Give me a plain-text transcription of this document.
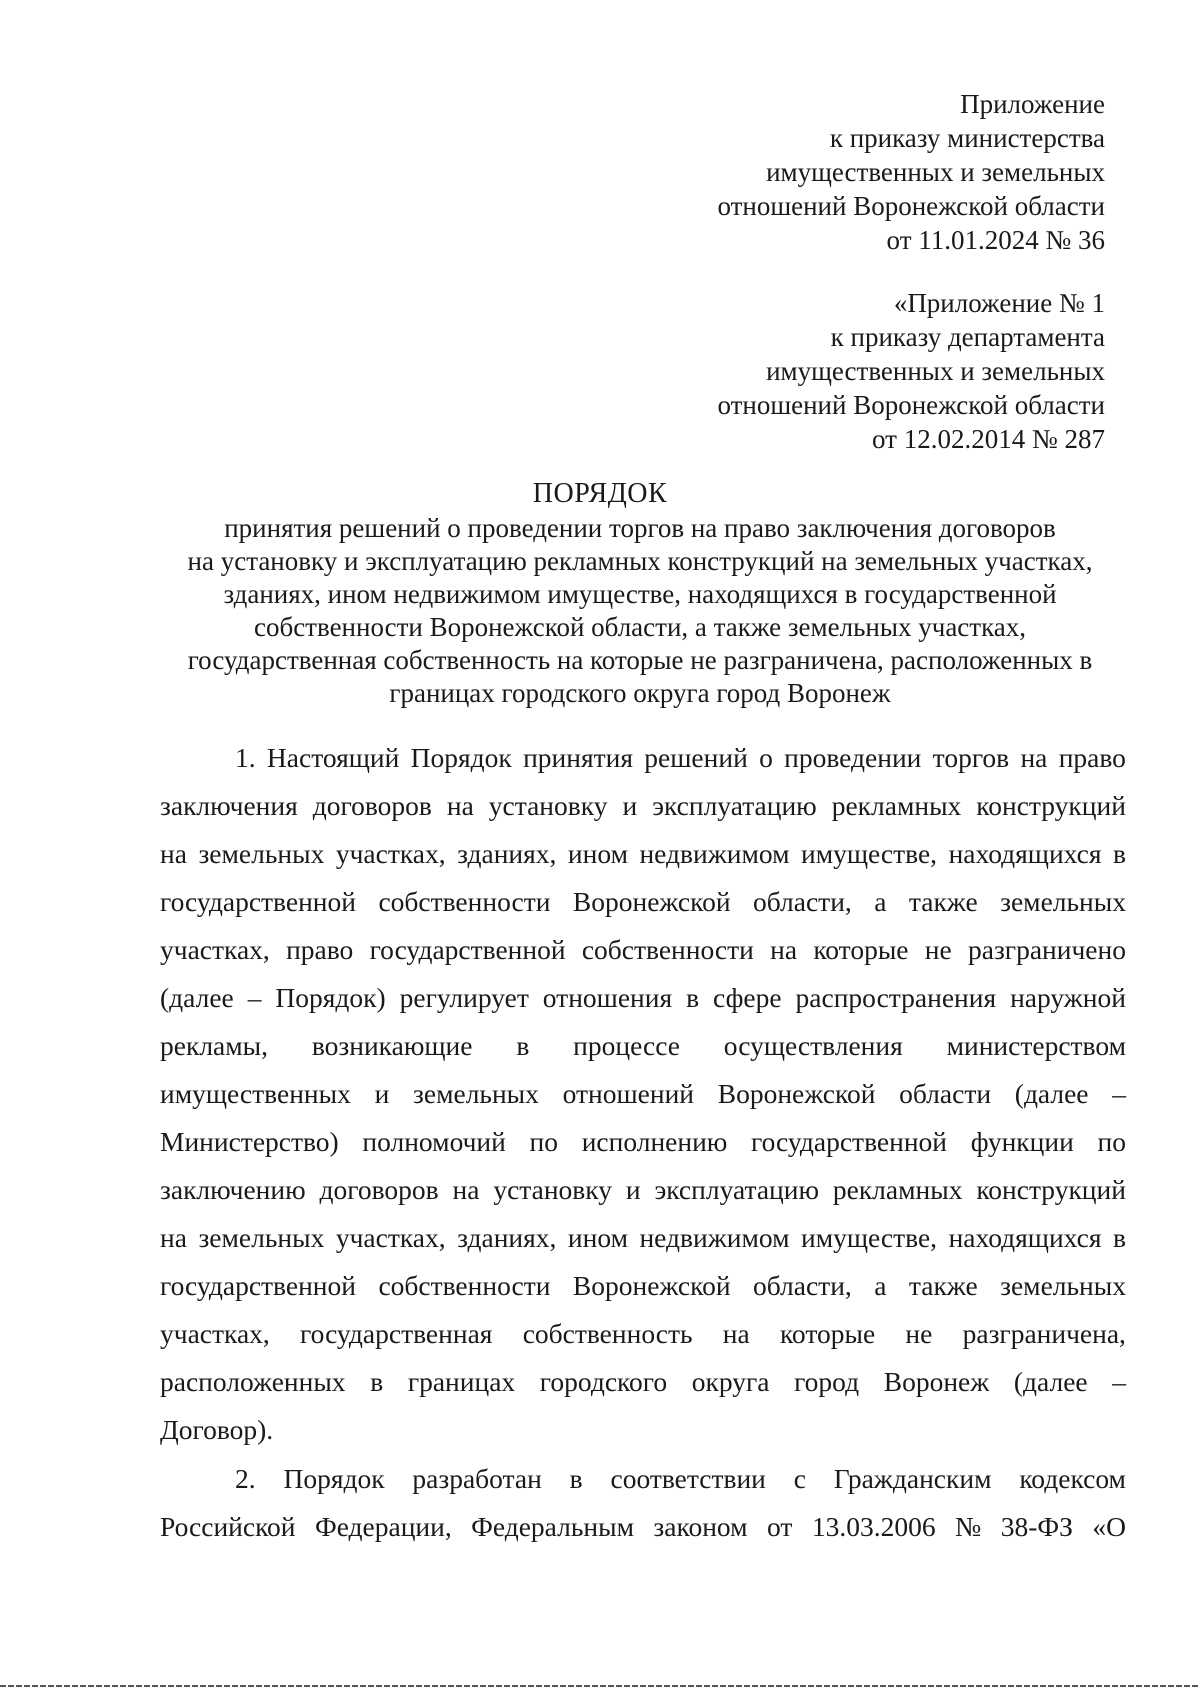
Приложение
к приказу министерства
имущественных и земельных
отношений Воронежской области
от 11.01.2024 № 36
«Приложение № 1
к приказу департамента
имущественных и земельных
отношений Воронежской области
от 12.02.2014 № 287
ПОРЯДОК
принятия решений о проведении торгов на право заключения договоров
на установку и эксплуатацию рекламных конструкций на земельных участках,
зданиях, ином недвижимом имуществе, находящихся в государственной
собственности Воронежской области, а также земельных участках,
государственная собственность на которые не разграничена, расположенных в
границах городского округа город Воронеж
1. Настоящий Порядок принятия решений о проведении торгов на право
заключения договоров на установку и эксплуатацию рекламных конструкций
на земельных участках, зданиях, ином недвижимом имуществе, находящихся в
государственной собственности Воронежской области, а также земельных
участках, право государственной собственности на которые не разграничено
(далее – Порядок) регулирует отношения в сфере распространения наружной
рекламы, возникающие в процессе осуществления министерством
имущественных и земельных отношений Воронежской области (далее –
Министерство) полномочий по исполнению государственной функции по
заключению договоров на установку и эксплуатацию рекламных конструкций
на земельных участках, зданиях, ином недвижимом имуществе, находящихся в
государственной собственности Воронежской области, а также земельных
участках, государственная собственность на которые не разграничена,
расположенных в границах городского округа город Воронеж (далее –
Договор).
2. Порядок разработан в соответствии с Гражданским кодексом
Российской Федерации, Федеральным законом от 13.03.2006 № 38-ФЗ «О
